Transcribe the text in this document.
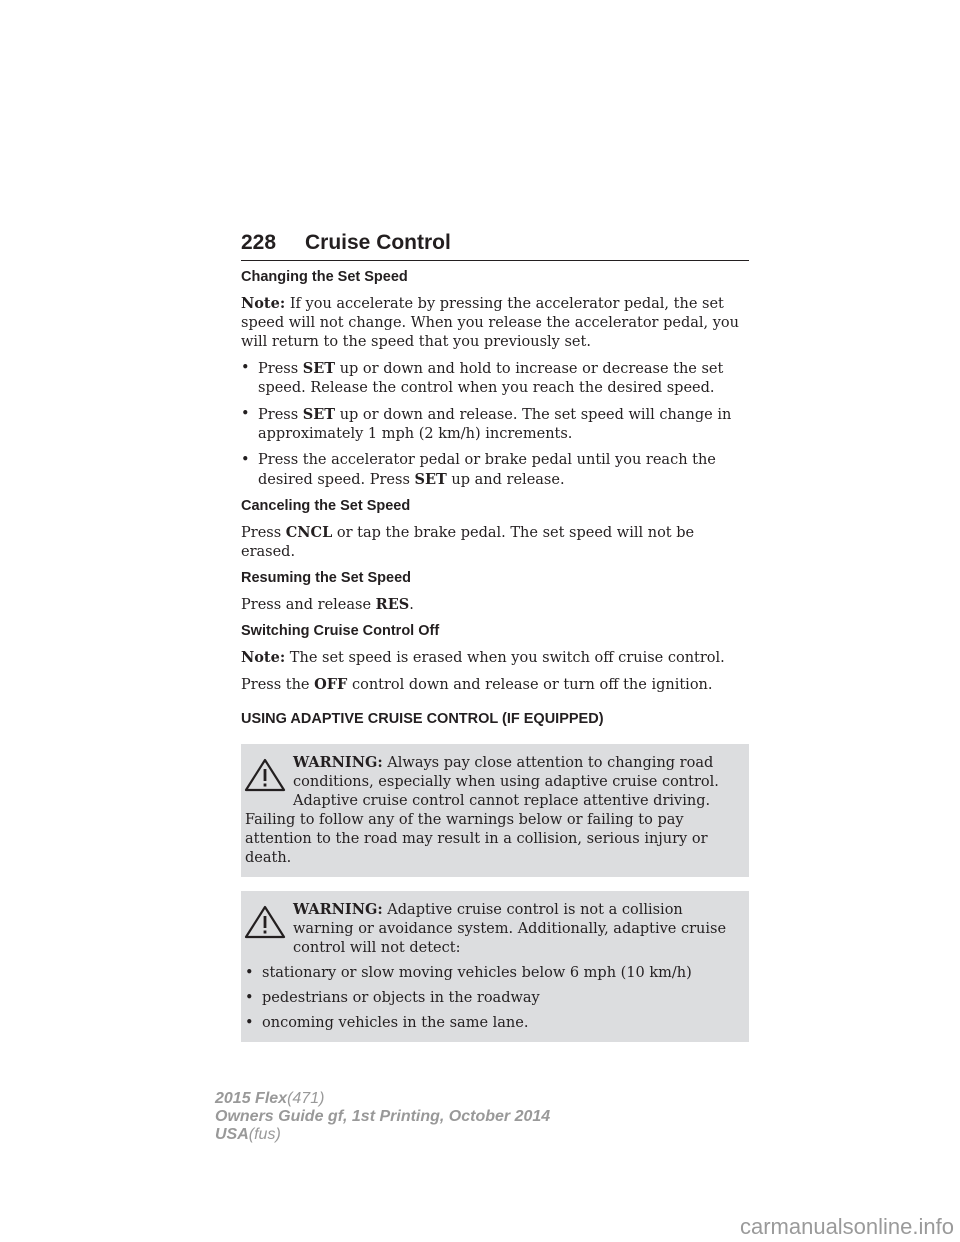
228 Cruise Control
Changing the Set Speed

Note: If you accelerate by pressing the accelerator pedal, the set speed will not change. When you release the accelerator pedal, you will return to the speed that you previously set.

• Press SET up or down and hold to increase or decrease the set speed. Release the control when you reach the desired speed.
• Press SET up or down and release. The set speed will change in approximately 1 mph (2 km/h) increments.
• Press the accelerator pedal or brake pedal until you reach the desired speed. Press SET up and release.
Canceling the Set Speed

Press CNCL or tap the brake pedal. The set speed will not be erased.

Resuming the Set Speed

Press and release RES.

Switching Cruise Control Off

Note: The set speed is erased when you switch off cruise control.

Press the OFF control down and release or turn off the ignition.

USING ADAPTIVE CRUISE CONTROL (IF EQUIPPED)
WARNING: Always pay close attention to changing road conditions, especially when using adaptive cruise control. Adaptive cruise control cannot replace attentive driving. Failing to follow any of the warnings below or failing to pay attention to the road may result in a collision, serious injury or death.
WARNING: Adaptive cruise control is not a collision warning or avoidance system. Additionally, adaptive cruise control will not detect:
• stationary or slow moving vehicles below 6 mph (10 km/h)
• pedestrians or objects in the roadway
• oncoming vehicles in the same lane.
2015 Flex(471)
Owners Guide gf, 1st Printing, October 2014
USA(fus)
carmanualsonline.info
